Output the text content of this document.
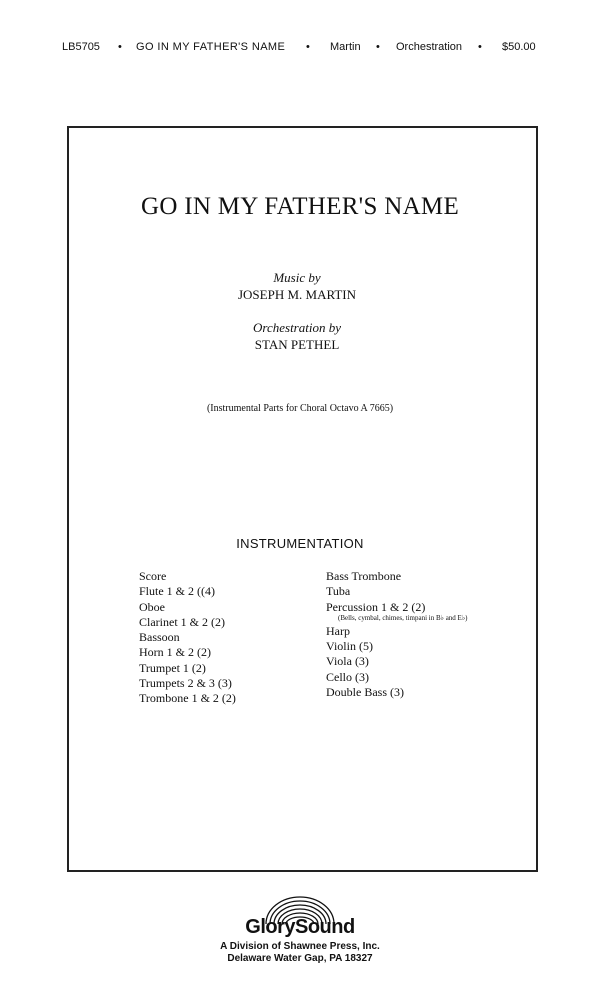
LB5705 • GO IN MY FATHER'S NAME • Martin • Orchestration • $50.00
GO IN MY FATHER'S NAME
Music by
JOSEPH M. MARTIN
Orchestration by
STAN PETHEL
(Instrumental Parts for Choral Octavo A 7665)
INSTRUMENTATION
Score
Flute 1 & 2 ((4)
Oboe
Clarinet 1 & 2 (2)
Bassoon
Horn 1 & 2 (2)
Trumpet 1 (2)
Trumpets 2 & 3 (3)
Trombone 1 & 2 (2)
Bass Trombone
Tuba
Percussion 1 & 2 (2)
(Bells, cymbal, chimes, timpani in B♭ and E♭)
Harp
Violin (5)
Viola (3)
Cello (3)
Double Bass (3)
GlorySound
A Division of Shawnee Press, Inc.
Delaware Water Gap, PA 18327
